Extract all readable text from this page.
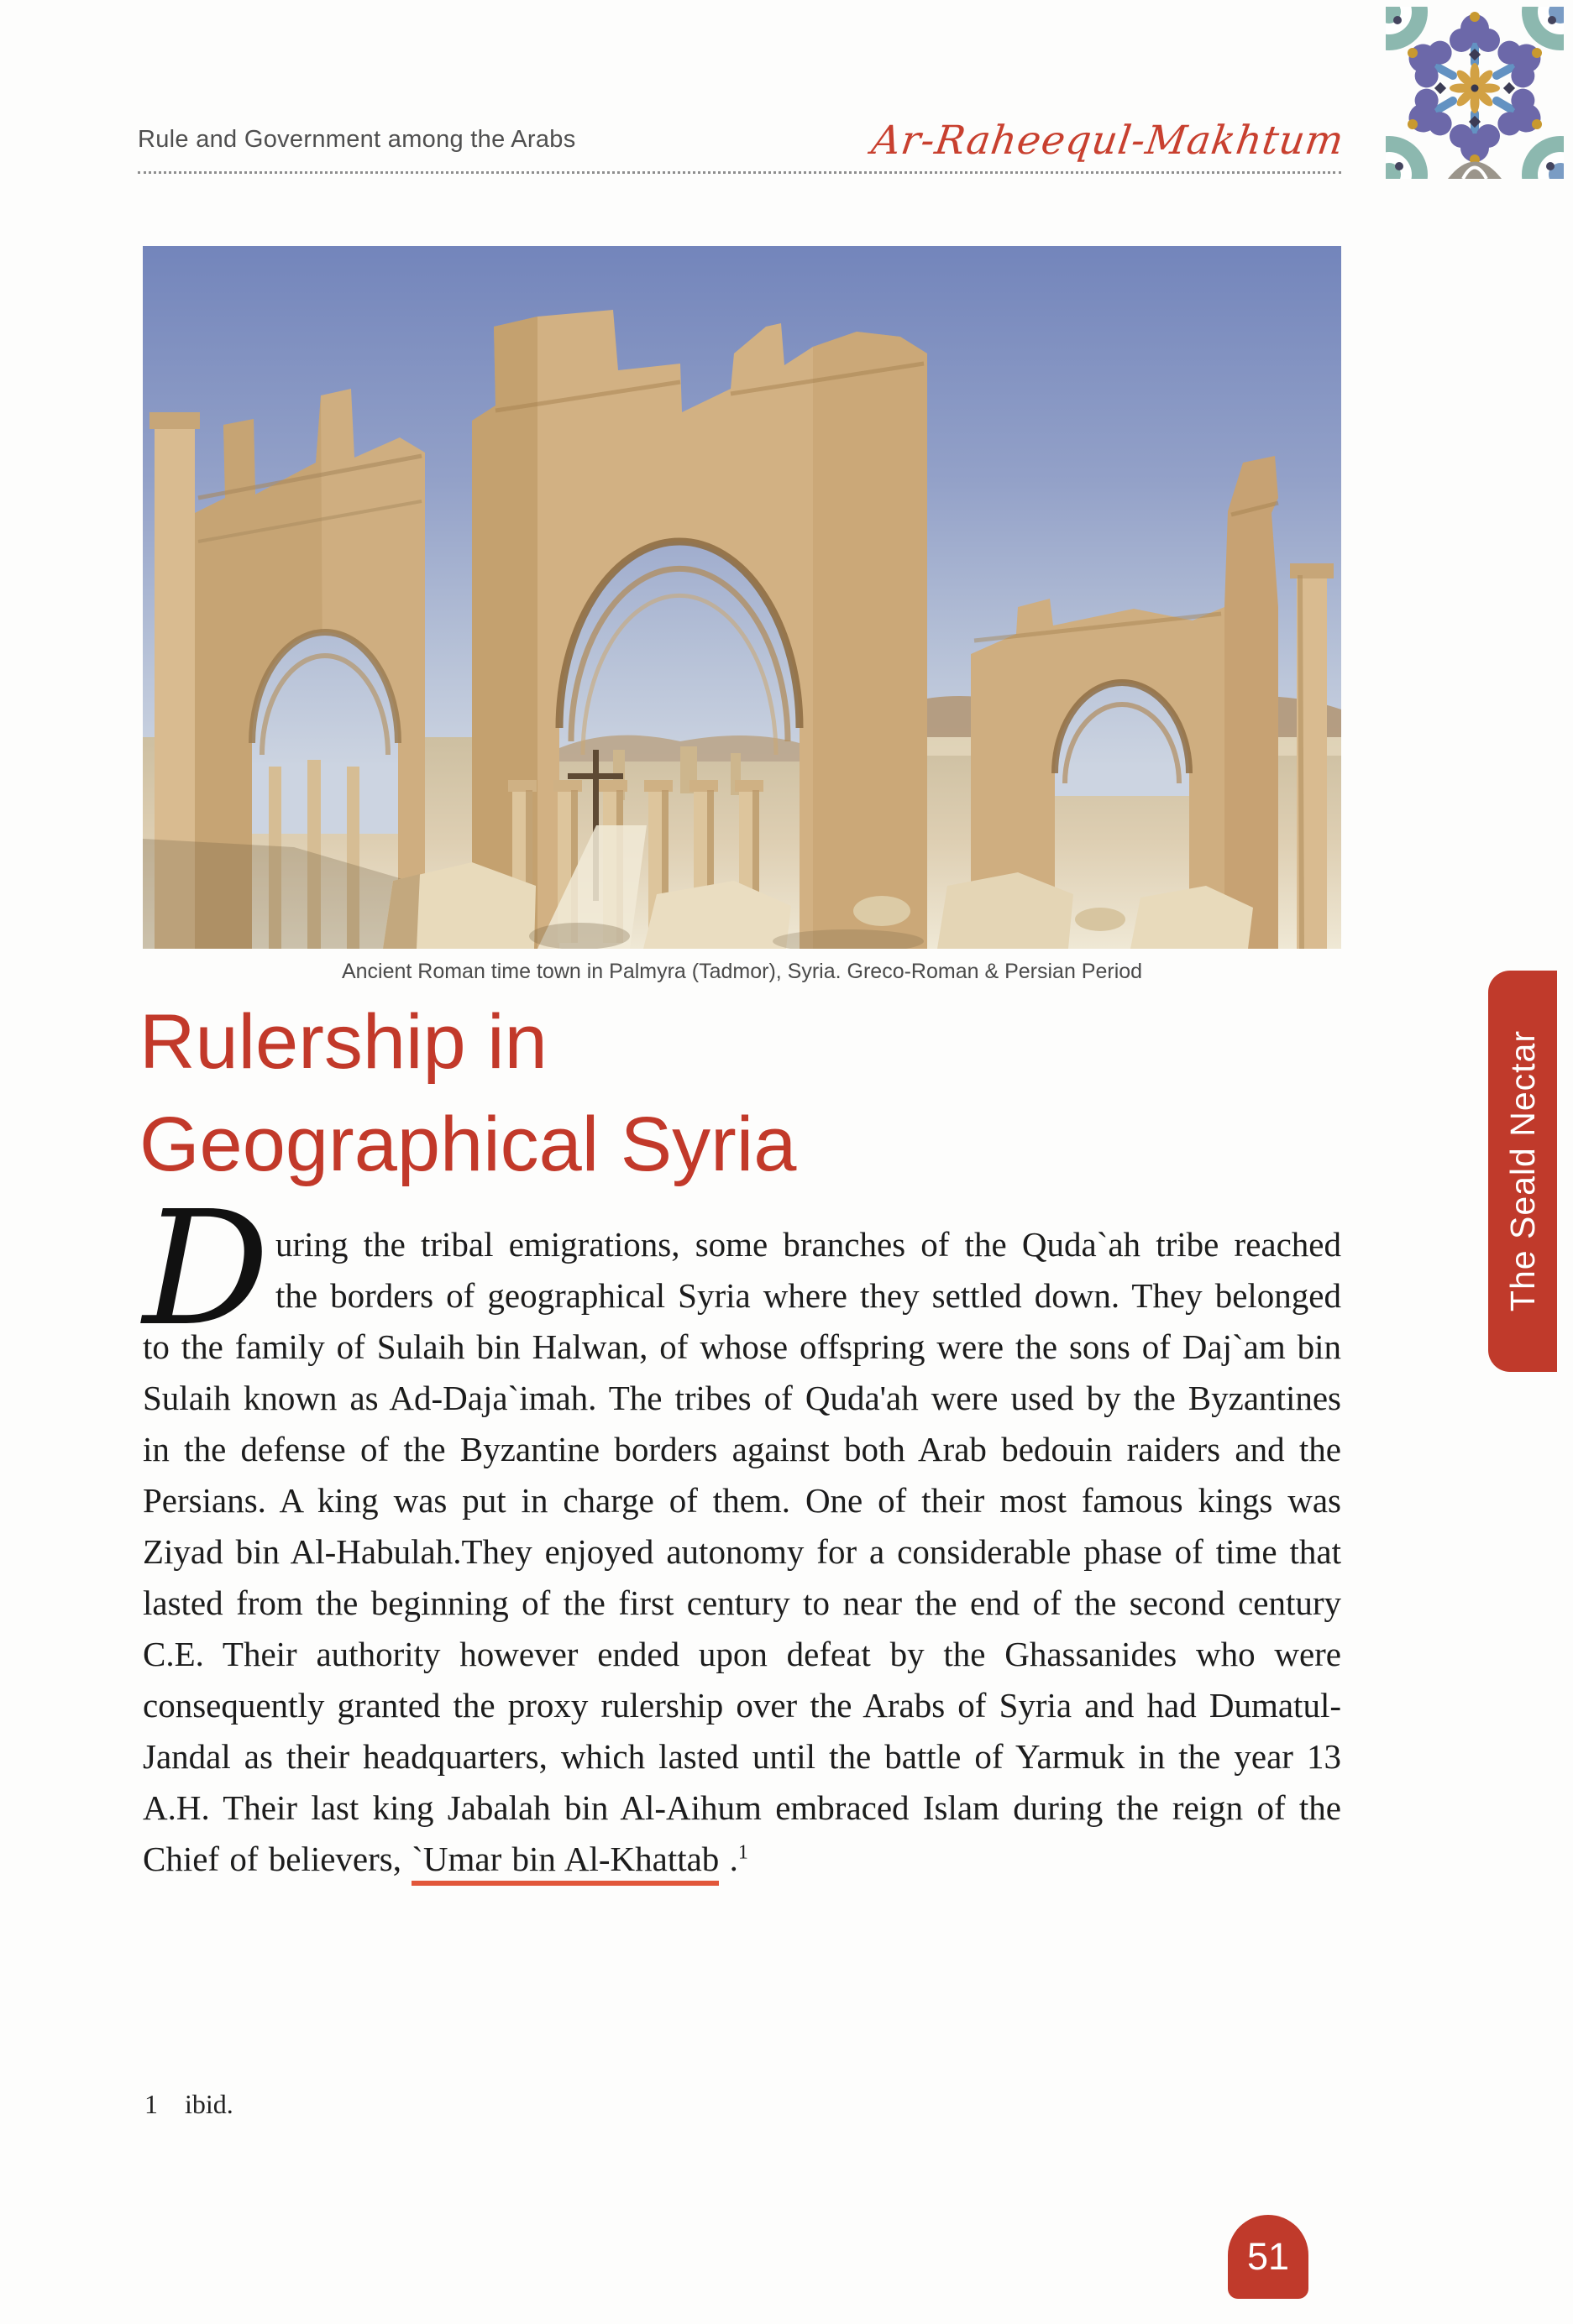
Rule and Government among the Arabs	Ar-Raheequl-Makhtum
Ancient Roman time town in Palmyra (Tadmor), Syria. Greco-Roman & Persian Period
Rulership in
Geographical Syria
D uring the tribal emigrations, some branches of the Quda`ah tribe reached the borders of geographical Syria where they settled down. They belonged to the family of Sulaih bin Halwan, of whose offspring were the sons of Daj`am bin Sulaih known as Ad-Daja`imah. The tribes of Quda'ah were used by the Byzantines in the defense of the Byzantine borders against both Arab bedouin raiders and the Persians. A king was put in charge of them. One of their most famous kings was Ziyad bin Al-Habulah.They enjoyed autonomy for a considerable phase of time that lasted from the beginning of the first century to near the end of the second century C.E. Their authority however ended upon defeat by the Ghassanides who were consequently granted the proxy rulership over the Arabs of Syria and had Dumatul-Jandal as their headquarters, which lasted until the battle of Yarmuk in the year 13 A.H. Their last king Jabalah bin Al-Aihum embraced Islam during the reign of the Chief of believers, `Umar bin Al-Khattab .$^1$
1 ibid.
The Seald Nectar
51
